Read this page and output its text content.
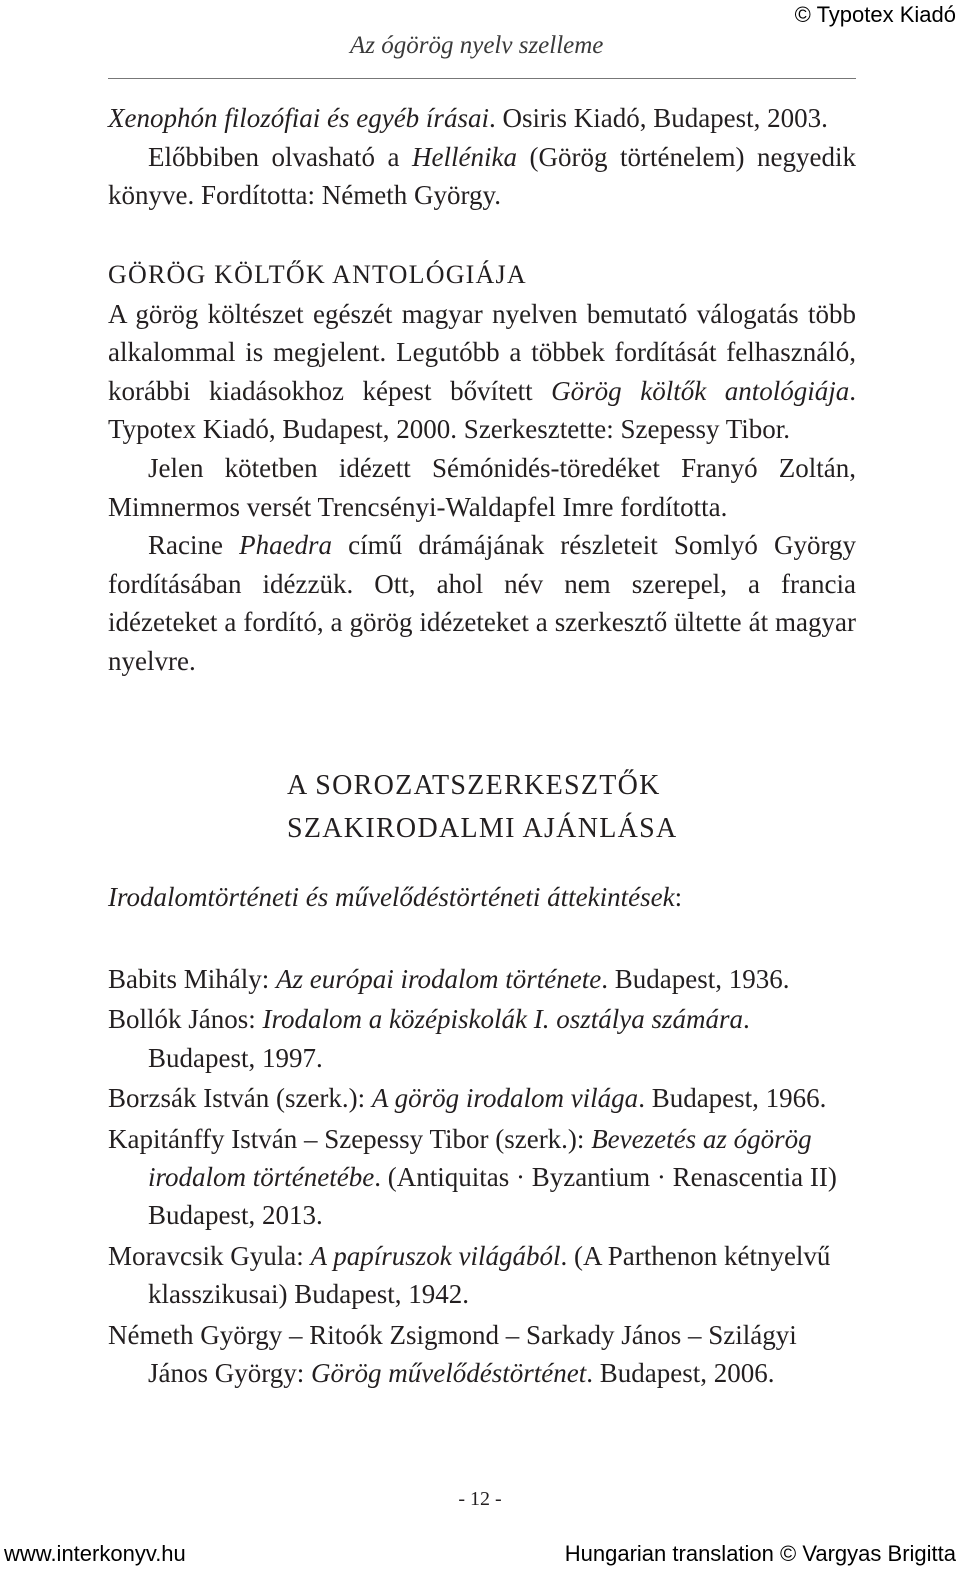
© Typotex Kiadó
Az ógörög nyelv szelleme

Xenophón filozófiai és egyéb írásai. Osiris Kiadó, Budapest, 2003.

Előbbiben olvasható a Hellénika (Görög történelem) negyedik könyve. Fordította: Németh György.

GÖRÖG KÖLTŐK ANTOLÓGIÁJA

A görög költészet egészét magyar nyelven bemutató válogatás több alkalommal is megjelent. Legutóbb a többek fordítását felhasználó, korábbi kiadásokhoz képest bővített Görög költők antológiája. Typotex Kiadó, Budapest, 2000. Szerkesztette: Szepessy Tibor.

Jelen kötetben idézett Sémónidés-töredéket Franyó Zoltán, Mimnermos versét Trencsényi-Waldapfel Imre fordította.

Racine Phaedra című drámájának részleteit Somlyó György fordításában idézzük. Ott, ahol név nem szerepel, a francia idézeteket a fordító, a görög idézeteket a szerkesztő ültette át magyar nyelvre.

A SOROZATSZERKESZTŐK
SZAKIRODALMI AJÁNLÁSA
Irodalomtörténeti és művelődéstörténeti áttekintések:

Babits Mihály: Az európai irodalom története. Budapest, 1936.

Bollók János: Irodalom a középiskolák I. osztálya számára. Budapest, 1997.

Borzsák István (szerk.): A görög irodalom világa. Budapest, 1966.

Kapitánffy István – Szepessy Tibor (szerk.): Bevezetés az ógörög irodalom történetébe. (Antiquitas · Byzantium · Renascentia II) Budapest, 2013.

Moravcsik Gyula: A papíruszok világából. (A Parthenon kétnyelvű klasszikusai) Budapest, 1942.

Németh György – Ritoók Zsigmond – Sarkady János – Szilágyi János György: Görög művelődéstörténet. Budapest, 2006.

- 12 -
www.interkonyv.hu	Hungarian translation © Vargyas Brigitta
